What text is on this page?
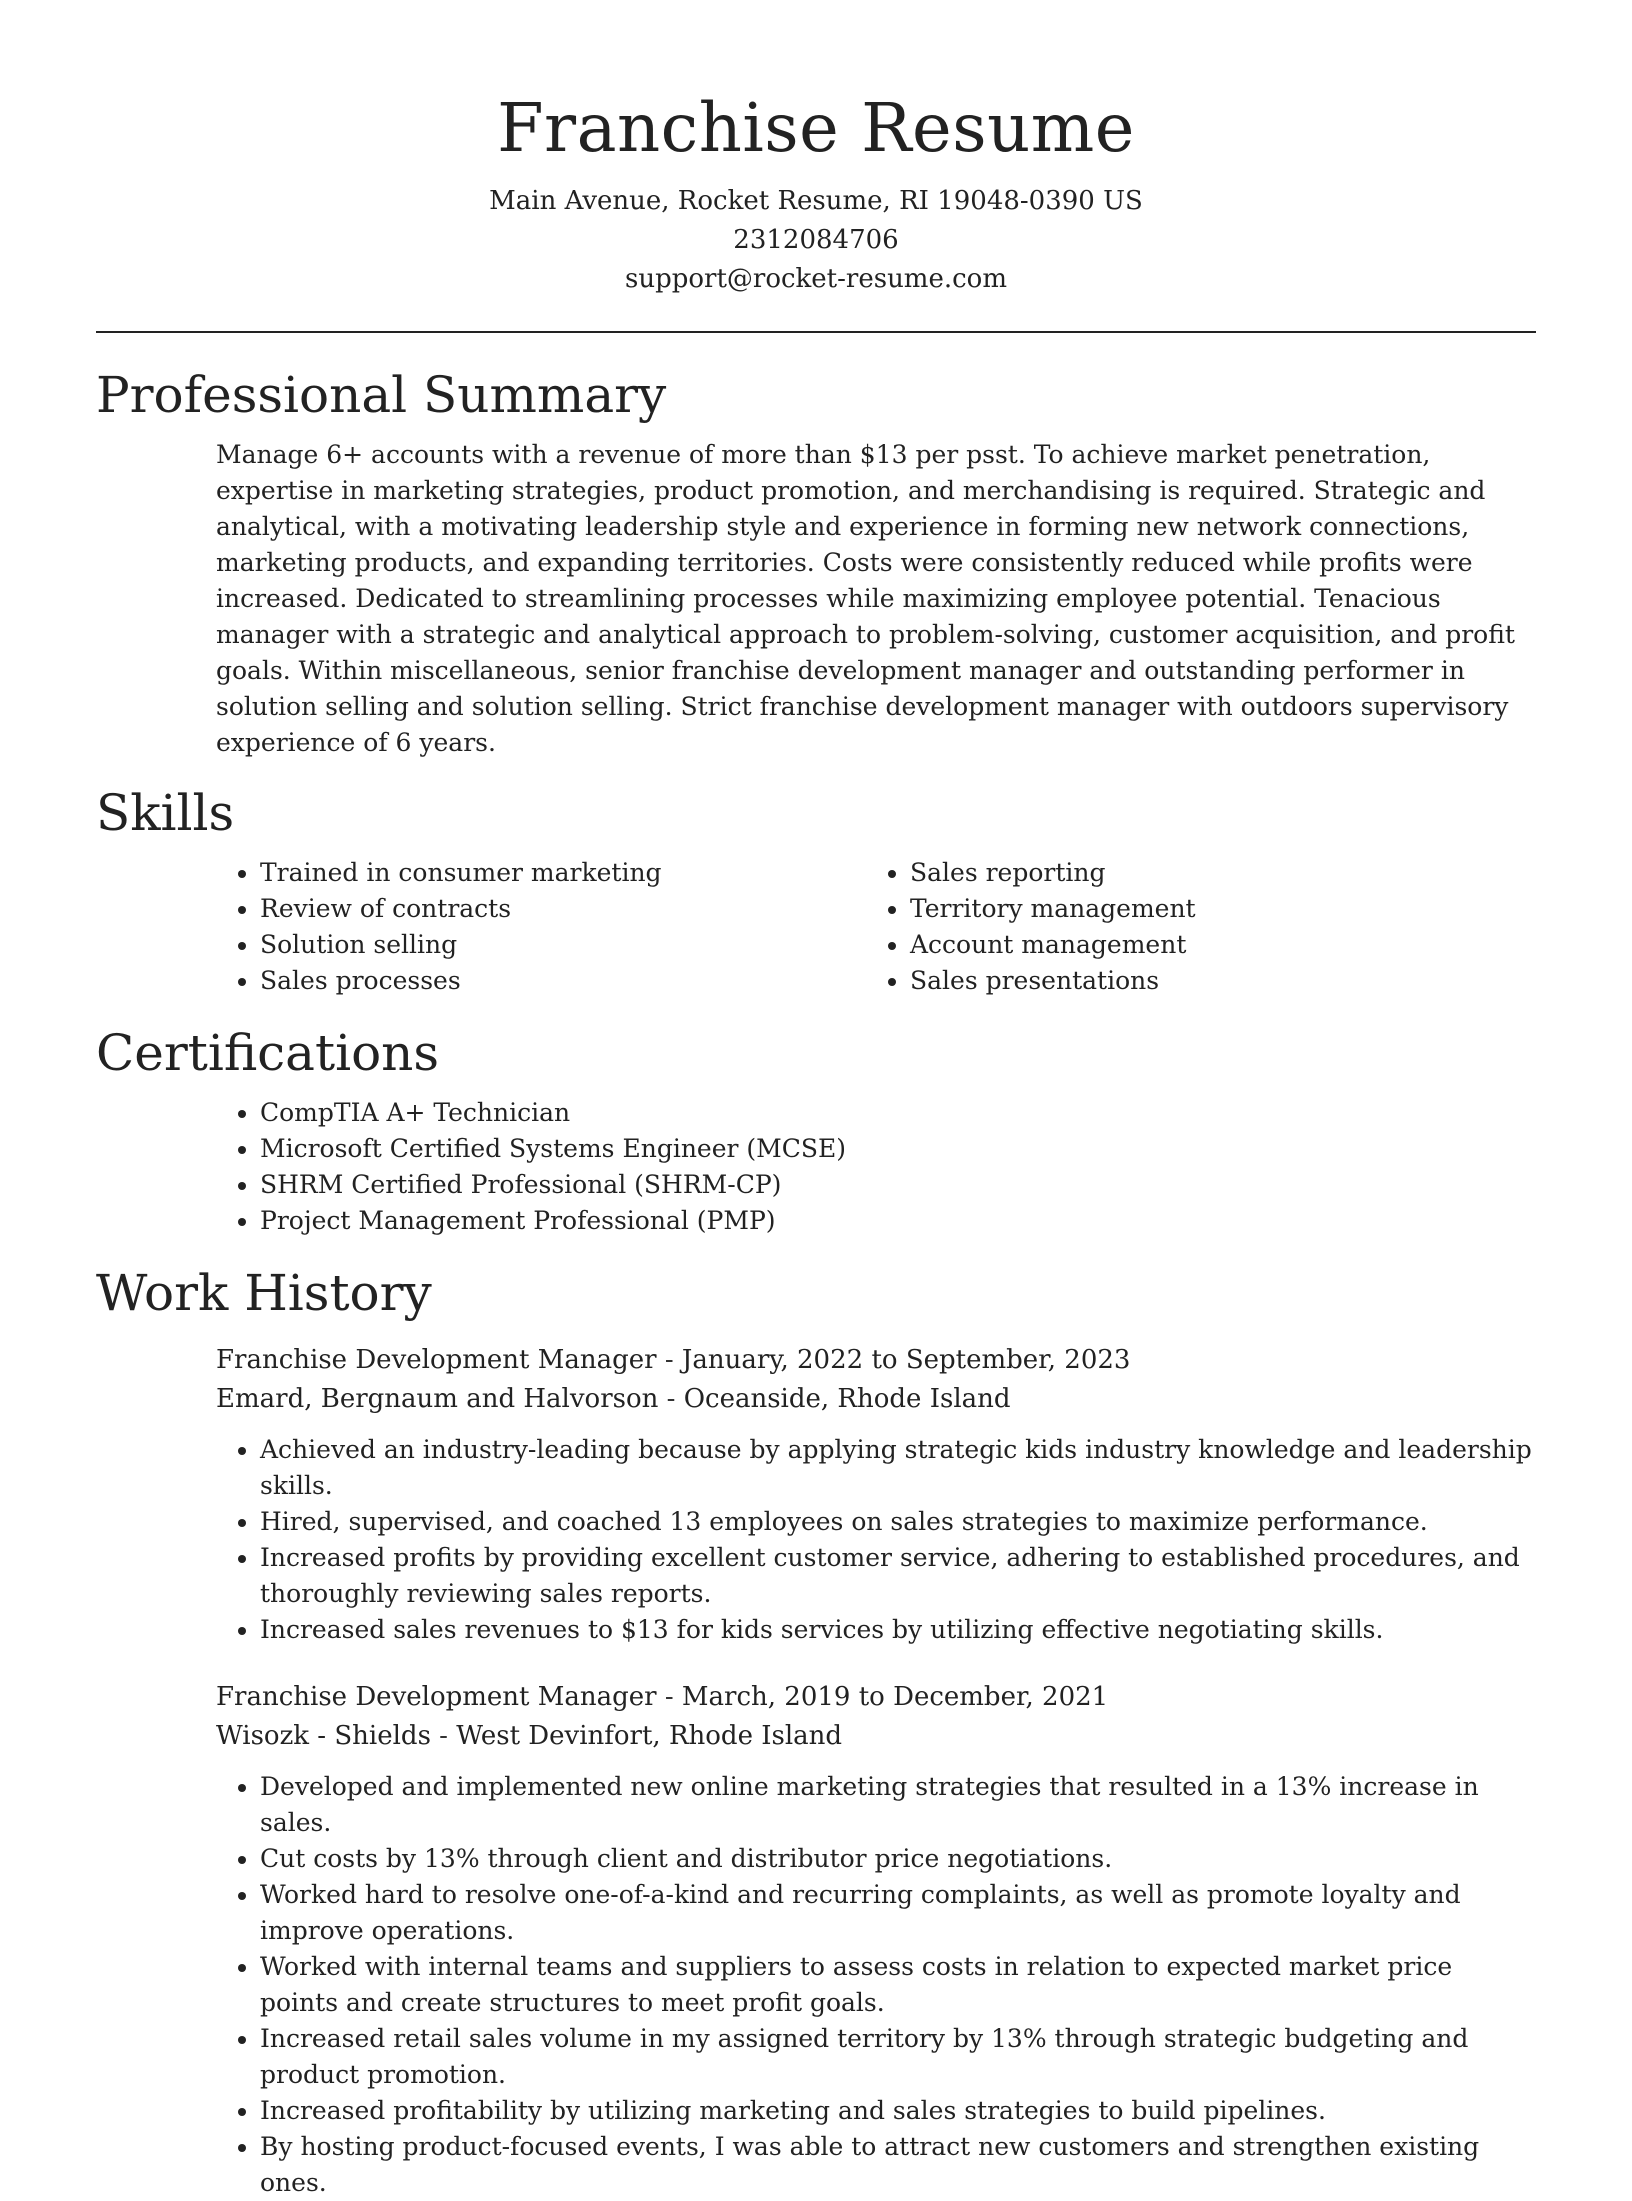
Franchise Resume
Main Avenue, Rocket Resume, RI 19048-0390 US
2312084706
support@rocket-resume.com
Professional Summary

Manage 6+ accounts with a revenue of more than $13 per psst. To achieve market penetration, expertise in marketing strategies, product promotion, and merchandising is required. Strategic and analytical, with a motivating leadership style and experience in forming new network connections, marketing products, and expanding territories. Costs were consistently reduced while profits were increased. Dedicated to streamlining processes while maximizing employee potential. Tenacious manager with a strategic and analytical approach to problem-solving, customer acquisition, and profit goals. Within miscellaneous, senior franchise development manager and outstanding performer in solution selling and solution selling. Strict franchise development manager with outdoors supervisory experience of 6 years.

Skills
• Trained in consumer marketing
• Review of contracts
• Solution selling
• Sales processes
• Sales reporting
• Territory management
• Account management
• Sales presentations
Certifications
• CompTIA A+ Technician
• Microsoft Certified Systems Engineer (MCSE)
• SHRM Certified Professional (SHRM-CP)
• Project Management Professional (PMP)
Work History
Franchise Development Manager - January, 2022 to September, 2023
Emard, Bergnaum and Halvorson - Oceanside, Rhode Island
• Achieved an industry-leading because by applying strategic kids industry knowledge and leadership skills.
• Hired, supervised, and coached 13 employees on sales strategies to maximize performance.
• Increased profits by providing excellent customer service, adhering to established procedures, and thoroughly reviewing sales reports.
• Increased sales revenues to $13 for kids services by utilizing effective negotiating skills.
Franchise Development Manager - March, 2019 to December, 2021
Wisozk - Shields - West Devinfort, Rhode Island
• Developed and implemented new online marketing strategies that resulted in a 13% increase in sales.
• Cut costs by 13% through client and distributor price negotiations.
• Worked hard to resolve one-of-a-kind and recurring complaints, as well as promote loyalty and improve operations.
• Worked with internal teams and suppliers to assess costs in relation to expected market price points and create structures to meet profit goals.
• Increased retail sales volume in my assigned territory by 13% through strategic budgeting and product promotion.
• Increased profitability by utilizing marketing and sales strategies to build pipelines.
• By hosting product-focused events, I was able to attract new customers and strengthen existing ones.
